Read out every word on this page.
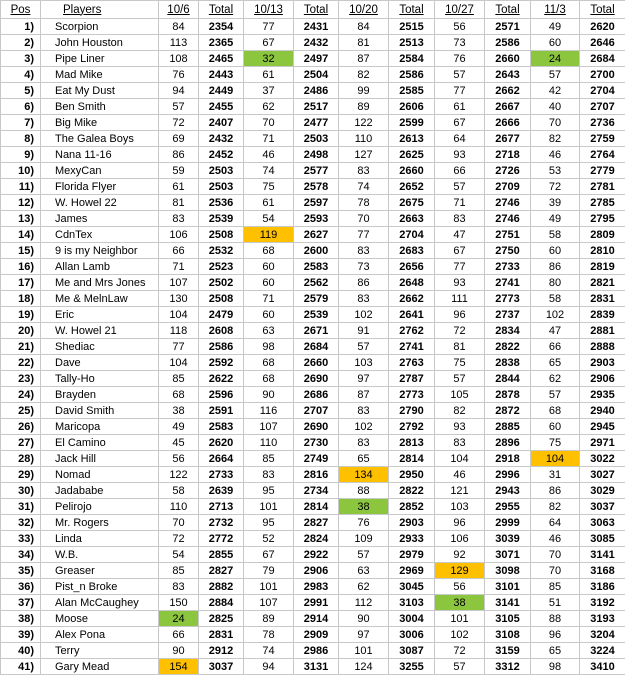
Pos	Players	10/6	Total	10/13	Total	10/20	Total	10/27	Total	11/3	Total
1)	Scorpion	84	2354	77	2431	84	2515	56	2571	49	2620
2)	John Houston	113	2365	67	2432	81	2513	73	2586	60	2646
3)	Pipe Liner	108	2465	32	2497	87	2584	76	2660	24	2684
4)	Mad Mike	76	2443	61	2504	82	2586	57	2643	57	2700
5)	Eat My Dust	94	2449	37	2486	99	2585	77	2662	42	2704
6)	Ben Smith	57	2455	62	2517	89	2606	61	2667	40	2707
7)	Big Mike	72	2407	70	2477	122	2599	67	2666	70	2736
8)	The Galea Boys	69	2432	71	2503	110	2613	64	2677	82	2759
9)	Nana 11-16	86	2452	46	2498	127	2625	93	2718	46	2764
10)	MexyCan	59	2503	74	2577	83	2660	66	2726	53	2779
11)	Florida Flyer	61	2503	75	2578	74	2652	57	2709	72	2781
12)	W. Howel 22	81	2536	61	2597	78	2675	71	2746	39	2785
13)	James	83	2539	54	2593	70	2663	83	2746	49	2795
14)	CdnTex	106	2508	119	2627	77	2704	47	2751	58	2809
15)	9 is my Neighbor	66	2532	68	2600	83	2683	67	2750	60	2810
16)	Allan Lamb	71	2523	60	2583	73	2656	77	2733	86	2819
17)	Me and Mrs Jones	107	2502	60	2562	86	2648	93	2741	80	2821
18)	Me & MelnLaw	130	2508	71	2579	83	2662	111	2773	58	2831
19)	Eric	104	2479	60	2539	102	2641	96	2737	102	2839
20)	W. Howel 21	118	2608	63	2671	91	2762	72	2834	47	2881
21)	Shediac	77	2586	98	2684	57	2741	81	2822	66	2888
22)	Dave	104	2592	68	2660	103	2763	75	2838	65	2903
23)	Tally-Ho	85	2622	68	2690	97	2787	57	2844	62	2906
24)	Brayden	68	2596	90	2686	87	2773	105	2878	57	2935
25)	David Smith	38	2591	116	2707	83	2790	82	2872	68	2940
26)	Maricopa	49	2583	107	2690	102	2792	93	2885	60	2945
27)	El Camino	45	2620	110	2730	83	2813	83	2896	75	2971
28)	Jack Hill	56	2664	85	2749	65	2814	104	2918	104	3022
29)	Nomad	122	2733	83	2816	134	2950	46	2996	31	3027
30)	Jadababe	58	2639	95	2734	88	2822	121	2943	86	3029
31)	Pelirojo	110	2713	101	2814	38	2852	103	2955	82	3037
32)	Mr. Rogers	70	2732	95	2827	76	2903	96	2999	64	3063
33)	Linda	72	2772	52	2824	109	2933	106	3039	46	3085
34)	W.B.	54	2855	67	2922	57	2979	92	3071	70	3141
35)	Greaser	85	2827	79	2906	63	2969	129	3098	70	3168
36)	Pist_n Broke	83	2882	101	2983	62	3045	56	3101	85	3186
37)	Alan McCaughey	150	2884	107	2991	112	3103	38	3141	51	3192
38)	Moose	24	2825	89	2914	90	3004	101	3105	88	3193
39)	Alex Pona	66	2831	78	2909	97	3006	102	3108	96	3204
40)	Terry	90	2912	74	2986	101	3087	72	3159	65	3224
41)	Gary Mead	154	3037	94	3131	124	3255	57	3312	98	3410
